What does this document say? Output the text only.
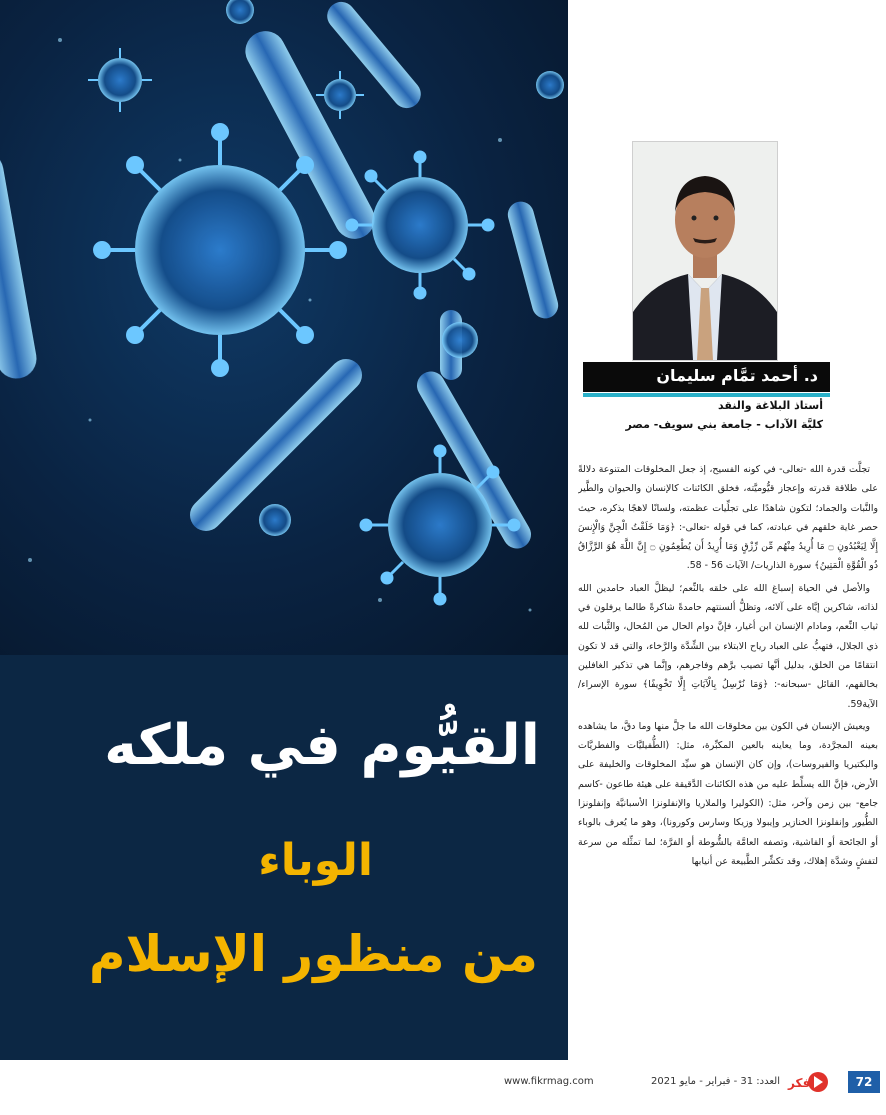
القيُّوم في ملكه
الوباء
من منظور الإسلام
د. أحمد تمَّام سليمان
أستاذ البلاغة والنقد
كليَّة الآداب - جامعة بني سويف- مصر

تجلَّت قدرة الله -تعالى- في كونه الفسيح، إذ جعل المخلوقات المتنوعة دلالةً على طلاقة قدرته وإعجاز قيُّوميَّته، فخلق الكائنات كالإنسان والحيوان والطَّير والنَّبات والجماد؛ لتكون شاهدًا على تجلِّيات عظمته، ولسانًا لاهجًا بذكره، حيث حصر غاية خلقهم في عبادته، كما في قوله -تعالى-: ﴿وَمَا خَلَقْتُ الْجِنَّ وَالْإِنسَ إِلَّا لِيَعْبُدُونِ ۝ مَا أُرِيدُ مِنْهُم مِّن رِّزْقٍ وَمَا أُرِيدُ أَن يُطْعِمُونِ ۝ إِنَّ اللَّهَ هُوَ الرَّزَّاقُ ذُو الْقُوَّةِ الْمَتِينُ﴾ سورة الذاريات/ الآيات 56 - 58.

والأصل في الحياة إسباغ الله على خلقه بالنِّعم؛ ليظلَّ العباد حامدين الله لذاته، شاكرين إيَّاه على آلائه، وتظلُّ ألسنتهم حامدةً شاكرةً طالما يرفلون في ثياب النِّعم، ومادام الإنسان ابن أغيار، فإنَّ دوام الحال من المُحال، والثَّبات لله ذي الجلال، فتهبُّ على العباد رياح الابتلاء بين الشِّدَّة والرَّخاء، والتي قد لا تكون انتقامًا من الخلق، بدليل أنَّها تصيب برَّهم وفاجرهم، وإنَّما هي تذكير الغافلين بخالقهم، القائل -سبحانه-: ﴿وَمَا نُرْسِلُ بِالْآيَاتِ إِلَّا تَخْوِيفًا﴾ سورة الإسراء/ الآية59.

ويعيش الإنسان في الكون بين مخلوقات الله ما جلَّ منها وما دقَّ، ما يشاهده بعينه المجرَّدة، وما يعاينه بالعين المكبِّرة، مثل: (الطُّفيليَّات والفطريَّات والبكتيريا والفيروسات)، وإن كان الإنسان هو سيِّد المخلوقات والخليفة على الأرض، فإنَّ الله يسلِّط عليه من هذه الكائنات الدَّقيقة على هيئة طاعون -كاسم جامع- بين زمن وآخر، مثل: (الكوليرا والملاريا والإنفلونزا الأسبانيَّة وإنفلونزا الطُّيور وإنفلونزا الخنازير وإيبولا وزيكا وسارس وكورونا)، وهو ما يُعرف بالوباء أو الجائحة أو الفاشية، وتصفه العامَّة بالشُّوطة أو الفرَّة؛ لما تمثِّله من سرعة لتفشٍ وشدَّة إهلاك، وقد تكشِّر الطَّبيعة عن أنيابها

www.fikrmag.com	العدد: 31 - فبراير - مايو 2021 فكر	72
